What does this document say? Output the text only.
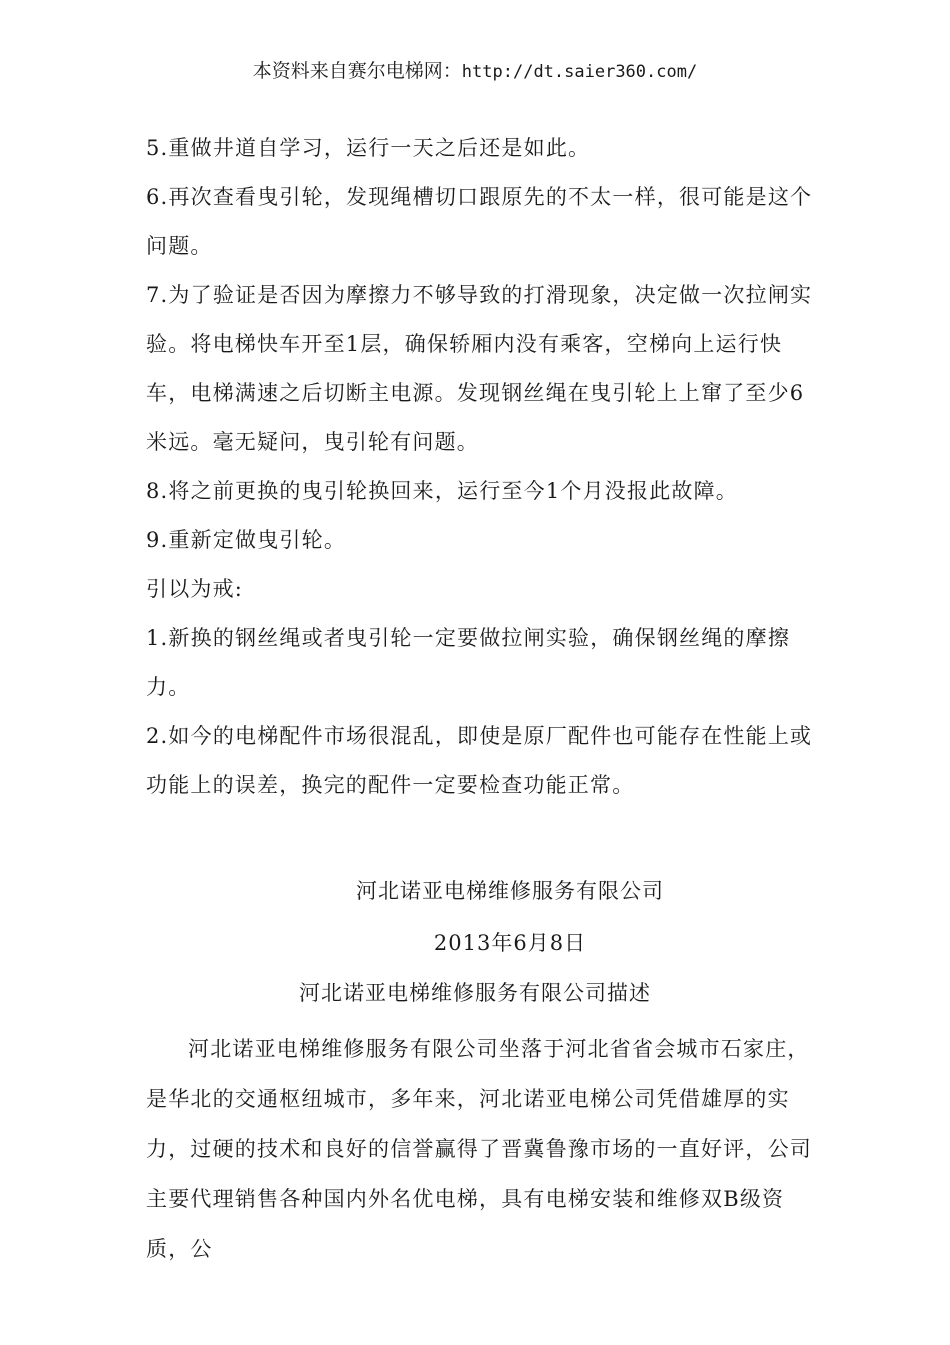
本资料来自赛尔电梯网：http://dt.saier360.com/

5.重做井道自学习，运行一天之后还是如此。

6.再次查看曳引轮，发现绳槽切口跟原先的不太一样，很可能是这个问题。

7.为了验证是否因为摩擦力不够导致的打滑现象，决定做一次拉闸实验。将电梯快车开至1层，确保轿厢内没有乘客，空梯向上运行快车，电梯满速之后切断主电源。发现钢丝绳在曳引轮上上窜了至少6米远。毫无疑问，曳引轮有问题。

8.将之前更换的曳引轮换回来，运行至今1个月没报此故障。

9.重新定做曳引轮。

引以为戒:

1.新换的钢丝绳或者曳引轮一定要做拉闸实验，确保钢丝绳的摩擦力。

2.如今的电梯配件市场很混乱，即使是原厂配件也可能存在性能上或功能上的误差，换完的配件一定要检查功能正常。

河北诺亚电梯维修服务有限公司
2013年6月8日
河北诺亚电梯维修服务有限公司描述

河北诺亚电梯维修服务有限公司坐落于河北省省会城市石家庄，是华北的交通枢纽城市，多年来，河北诺亚电梯公司凭借雄厚的实力，过硬的技术和良好的信誉赢得了晋冀鲁豫市场的一直好评，公司主要代理销售各种国内外名优电梯，具有电梯安装和维修双B级资质，公
